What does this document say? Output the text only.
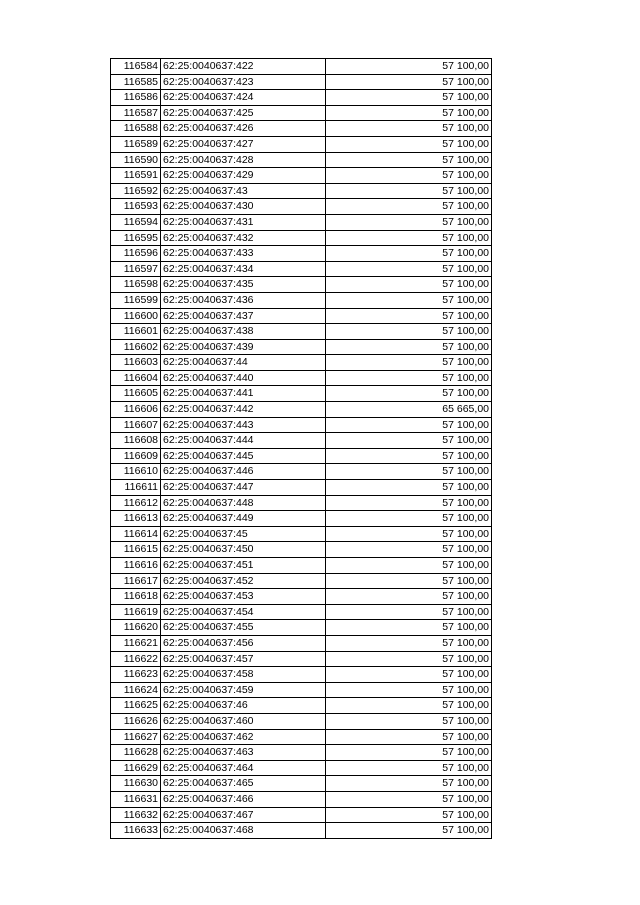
116584	62:25:0040637:422	57 100,00
116585	62:25:0040637:423	57 100,00
116586	62:25:0040637:424	57 100,00
116587	62:25:0040637:425	57 100,00
116588	62:25:0040637:426	57 100,00
116589	62:25:0040637:427	57 100,00
116590	62:25:0040637:428	57 100,00
116591	62:25:0040637:429	57 100,00
116592	62:25:0040637:43	57 100,00
116593	62:25:0040637:430	57 100,00
116594	62:25:0040637:431	57 100,00
116595	62:25:0040637:432	57 100,00
116596	62:25:0040637:433	57 100,00
116597	62:25:0040637:434	57 100,00
116598	62:25:0040637:435	57 100,00
116599	62:25:0040637:436	57 100,00
116600	62:25:0040637:437	57 100,00
116601	62:25:0040637:438	57 100,00
116602	62:25:0040637:439	57 100,00
116603	62:25:0040637:44	57 100,00
116604	62:25:0040637:440	57 100,00
116605	62:25:0040637:441	57 100,00
116606	62:25:0040637:442	65 665,00
116607	62:25:0040637:443	57 100,00
116608	62:25:0040637:444	57 100,00
116609	62:25:0040637:445	57 100,00
116610	62:25:0040637:446	57 100,00
116611	62:25:0040637:447	57 100,00
116612	62:25:0040637:448	57 100,00
116613	62:25:0040637:449	57 100,00
116614	62:25:0040637:45	57 100,00
116615	62:25:0040637:450	57 100,00
116616	62:25:0040637:451	57 100,00
116617	62:25:0040637:452	57 100,00
116618	62:25:0040637:453	57 100,00
116619	62:25:0040637:454	57 100,00
116620	62:25:0040637:455	57 100,00
116621	62:25:0040637:456	57 100,00
116622	62:25:0040637:457	57 100,00
116623	62:25:0040637:458	57 100,00
116624	62:25:0040637:459	57 100,00
116625	62:25:0040637:46	57 100,00
116626	62:25:0040637:460	57 100,00
116627	62:25:0040637:462	57 100,00
116628	62:25:0040637:463	57 100,00
116629	62:25:0040637:464	57 100,00
116630	62:25:0040637:465	57 100,00
116631	62:25:0040637:466	57 100,00
116632	62:25:0040637:467	57 100,00
116633	62:25:0040637:468	57 100,00
